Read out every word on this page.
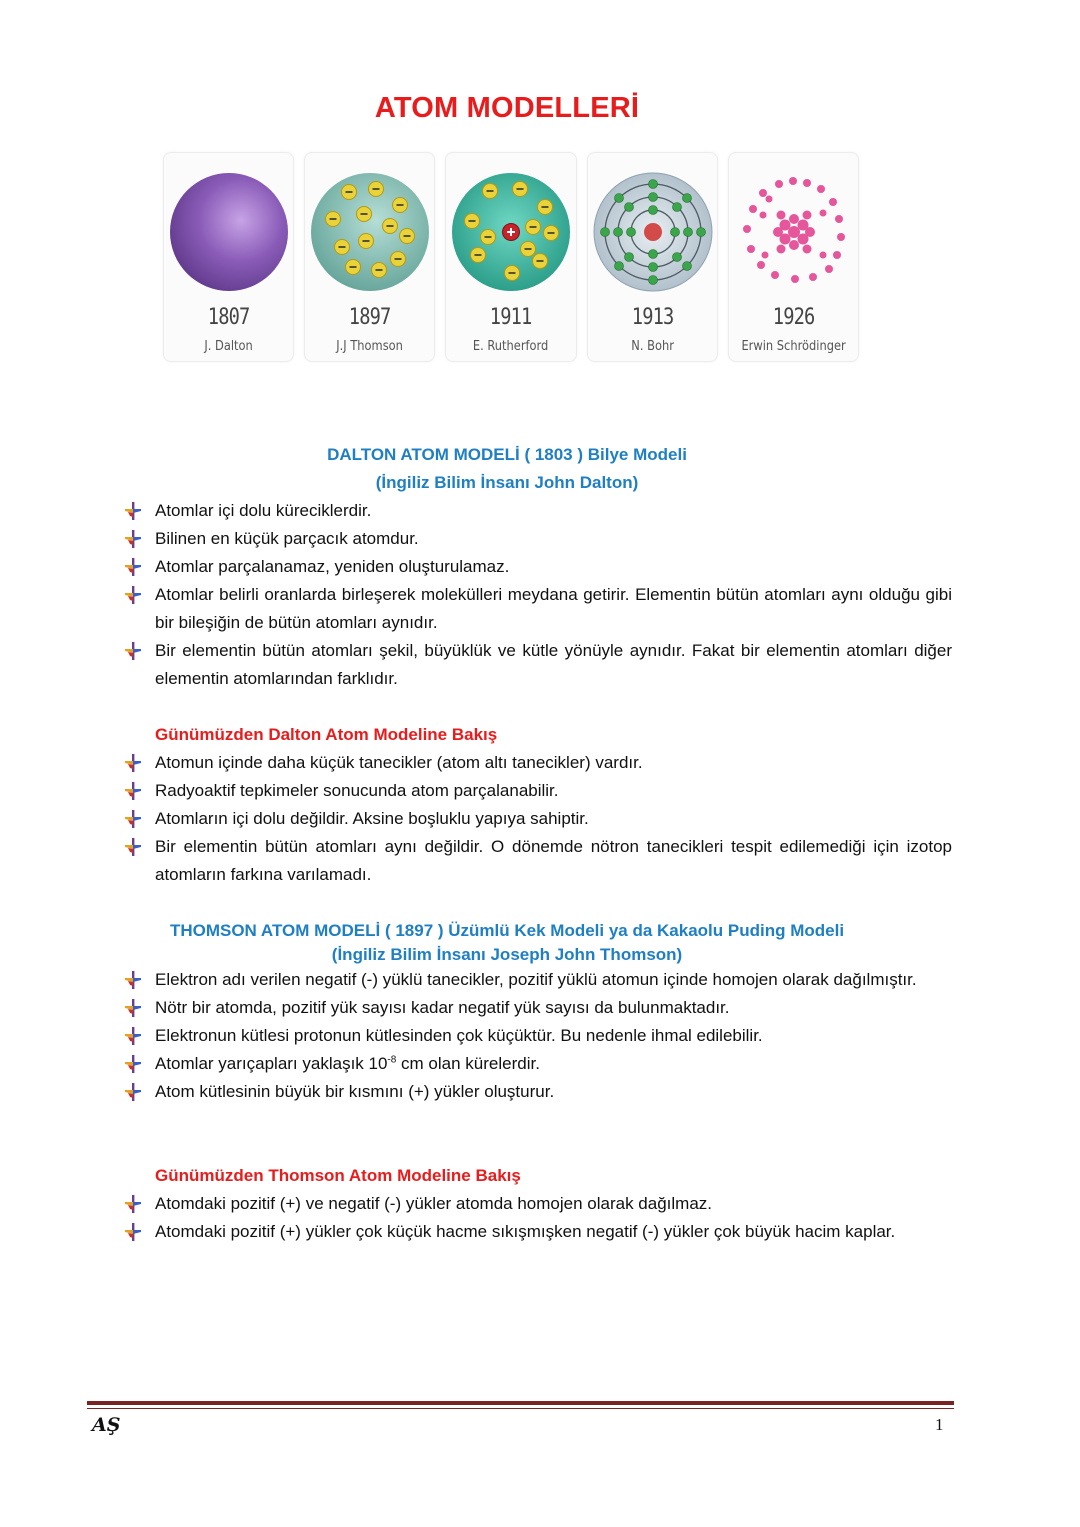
ATOM MODELLERİ
1807
J. Dalton
1897
J.J Thomson
1911
E. Rutherford
1913
N. Bohr
1926
Erwin Schrödinger
DALTON ATOM MODELİ ( 1803 ) Bilye Modeli
(İngiliz Bilim İnsanı John Dalton)
Atomlar içi dolu küreciklerdir.
Bilinen en küçük parçacık atomdur.
Atomlar parçalanamaz, yeniden oluşturulamaz.
Atomlar belirli oranlarda birleşerek molekülleri meydana getirir. Elementin bütün atomları aynı olduğu gibi bir bileşiğin de bütün atomları aynıdır.
Bir elementin bütün atomları şekil, büyüklük ve kütle yönüyle aynıdır. Fakat bir elementin atomları diğer elementin atomlarından farklıdır.
Günümüzden Dalton Atom Modeline Bakış
Atomun içinde daha küçük tanecikler (atom altı tanecikler) vardır.
Radyoaktif tepkimeler sonucunda atom parçalanabilir.
Atomların içi dolu değildir. Aksine boşluklu yapıya sahiptir.
Bir elementin bütün atomları aynı değildir. O dönemde nötron tanecikleri tespit edilemediği için izotop atomların farkına varılamadı.
THOMSON ATOM MODELİ ( 1897 ) Üzümlü Kek Modeli ya da Kakaolu Puding Modeli
(İngiliz Bilim İnsanı Joseph John Thomson)
Elektron adı verilen negatif (-) yüklü tanecikler, pozitif yüklü atomun içinde homojen olarak dağılmıştır.
Nötr bir atomda, pozitif yük sayısı kadar negatif yük sayısı da bulunmaktadır.
Elektronun kütlesi protonun kütlesinden çok küçüktür. Bu nedenle ihmal edilebilir.
Atomlar yarıçapları yaklaşık $10^{-8}$ cm olan kürelerdir.
Atom kütlesinin büyük bir kısmını (+) yükler oluşturur.
Günümüzden Thomson Atom Modeline Bakış
Atomdaki pozitif (+) ve negatif (-) yükler atomda homojen olarak dağılmaz.
Atomdaki pozitif (+) yükler çok küçük hacme sıkışmışken negatif (-) yükler çok büyük hacim kaplar.
AŞ	1
